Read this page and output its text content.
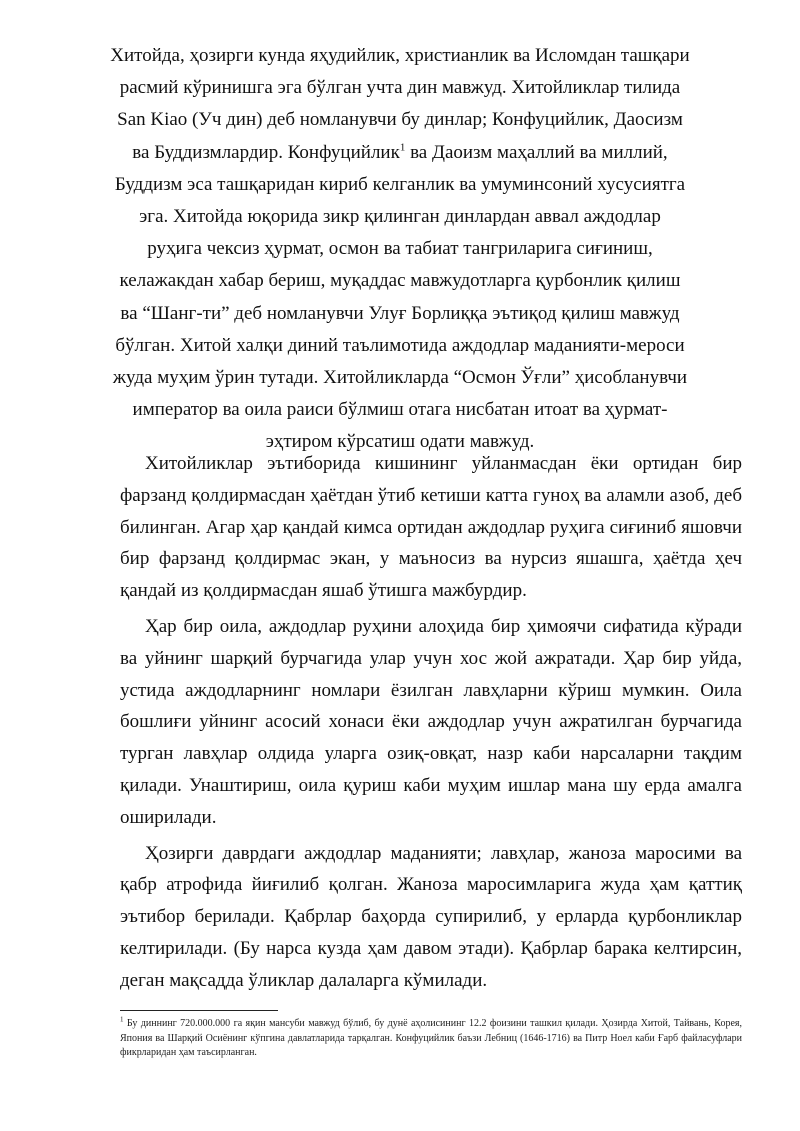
Хитойда, ҳозирги кунда яҳудийлик, христианлик ва Исломдан ташқари расмий кўринишга эга бўлган учта дин мавжуд. Хитойликлар тилида San Kiao (Уч дин) деб номланувчи бу динлар; Конфуцийлик, Даосизм ва Буддизмлардир. Конфуцийлик$^1$ ва Даоизм маҳаллий ва миллий, Буддизм эса ташқаридан кириб келганлик ва умуминсоний хусусиятга эга. Хитойда юқорида зикр қилинган динлардан аввал аждодлар руҳига чексиз ҳурмат, осмон ва табиат тангриларига сиғиниш, келажакдан хабар бериш, муқаддас мавжудотларга қурбонлик қилиш ва “Шанг-ти” деб номланувчи Улуғ Борлиққа эътиқод қилиш мавжуд бўлган. Хитой халқи диний таълимотида аждодлар маданияти-мероси жуда муҳим ўрин тутади. Хитойликларда “Осмон Ўғли” ҳисобланувчи император ва оила раиси бўлмиш отага нисбатан итоат ва ҳурмат-эҳтиром кўрсатиш одати мавжуд.

Хитойликлар эътиборида кишининг уйланмасдан ёки ортидан бир фарзанд қолдирмасдан ҳаётдан ўтиб кетиши катта гуноҳ ва аламли азоб, деб билинган. Агар ҳар қандай кимса ортидан аждодлар руҳига сиғиниб яшовчи бир фарзанд қолдирмас экан, у маъносиз ва нурсиз яшашга, ҳаётда ҳеч қандай из қолдирмасдан яшаб ўтишга мажбурдир.

Ҳар бир оила, аждодлар руҳини алоҳида бир ҳимоячи сифатида кўради ва уйнинг шарқий бурчагида улар учун хос жой ажратади. Ҳар бир уйда, устида аждодларнинг номлари ёзилган лавҳларни кўриш мумкин. Оила бошлиғи уйнинг асосий хонаси ёки аждодлар учун ажратилган бурчагида турган лавҳлар олдида уларга озиқ-овқат, назр каби нарсаларни тақдим қилади. Унаштириш, оила қуриш каби муҳим ишлар мана шу ерда амалга оширилади.

Ҳозирги даврдаги аждодлар маданияти; лавҳлар, жаноза маросими ва қабр атрофида йиғилиб қолган. Жаноза маросимларига жуда ҳам қаттиқ эътибор берилади. Қабрлар баҳорда супирилиб, у ерларда қурбонликлар келтирилади. (Бу нарса кузда ҳам давом этади). Қабрлар барака келтирсин, деган мақсадда ўликлар далаларга кўмилади.

$^1$ Бу диннинг 720.000.000 га яқин мансуби мавжуд бўлиб, бу дунё аҳолисининг 12.2 фоизини ташкил қилади. Ҳозирда Хитой, Тайвань, Корея, Япония ва Шарқий Осиёнинг кўпгина давлатларида тарқалган. Конфуцийлик баъзи Лебниц (1646-1716) ва Питр Ноел каби Ғарб файласуфлари фикрларидан ҳам таъсирланган.
